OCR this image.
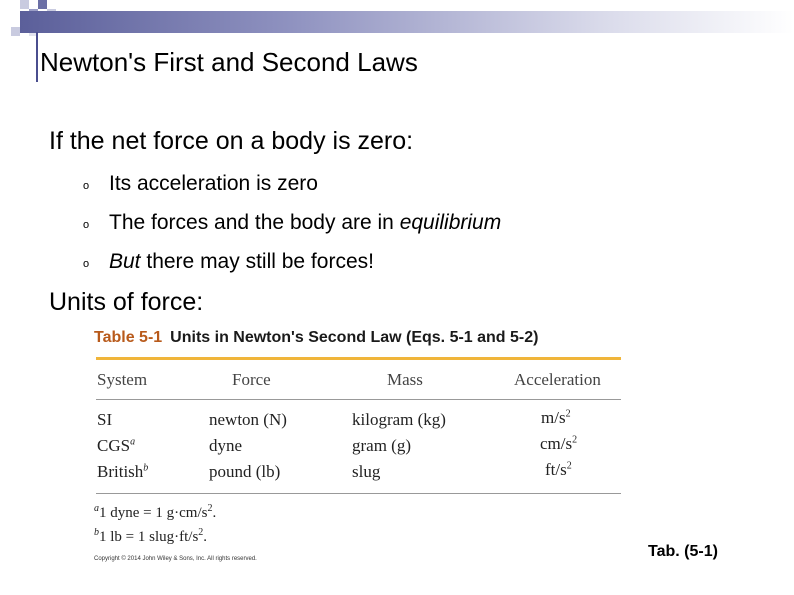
Newton's First and Second Laws
If the net force on a body is zero:
o Its acceleration is zero
o The forces and the body are in equilibrium
o But there may still be forces!
Units of force:
Table 5-1 Units in Newton's Second Law (Eqs. 5-1 and 5-2)
System	Force	Mass	Acceleration
SI	newton (N)	kilogram (kg)	$m/s^2$
CGS$^a$	dyne	gram (g)	$cm/s^2$
British$^b$	pound (lb)	slug	$ft/s^2$
$^a$1 dyne = 1 $g\cdot cm/s^2$.
$^b$1 lb = 1 $slug\cdot ft/s^2$.
Copyright © 2014 John Wiley & Sons, Inc. All rights reserved.	Tab. (5-1)
